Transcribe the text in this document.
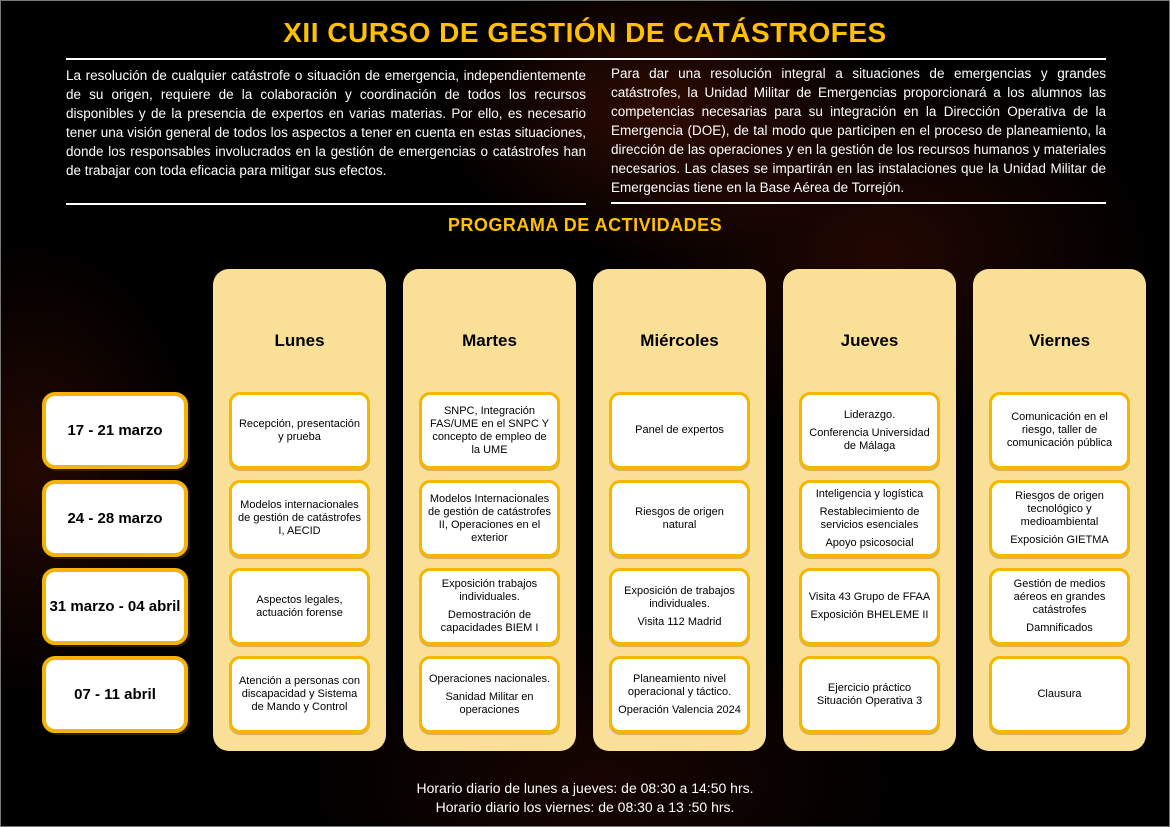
XII CURSO DE GESTIÓN DE CATÁSTROFES

La resolución de cualquier catástrofe o situación de emergencia, independientemente de su origen, requiere de la colaboración y coordinación de todos los recursos disponibles y de la presencia de expertos en varias materias. Por ello, es necesario tener una visión general de todos los aspectos a tener en cuenta en estas situaciones, donde los responsables involucrados en la gestión de emergencias o catástrofes han de trabajar con toda eficacia para mitigar sus efectos.

Para dar una resolución integral a situaciones de emergencias y grandes catástrofes, la Unidad Militar de Emergencias proporcionará a los alumnos las competencias necesarias para su integración en la Dirección Operativa de la Emergencia (DOE), de tal modo que participen en el proceso de planeamiento, la dirección de las operaciones y en la gestión de los recursos humanos y materiales necesarios. Las clases se impartirán en las instalaciones que la Unidad Militar de Emergencias tiene en la Base Aérea de Torrejón.

PROGRAMA DE ACTIVIDADES
17 - 21 marzo
24 - 28 marzo
31 marzo - 04 abril
07 - 11 abril
Lunes

Recepción, presentación y prueba

Modelos internacionales de gestión de catástrofes I, AECID

Aspectos legales, actuación forense

Atención a personas con discapacidad y Sistema de Mando y Control

Martes

SNPC, Integración FAS/UME en el SNPC Y concepto de empleo de la UME

Modelos Internacionales de gestión de catástrofes II, Operaciones en el exterior

Exposición trabajos individuales.

Demostración de capacidades BIEM I

Operaciones nacionales.

Sanidad Militar en operaciones

Miércoles

Panel de expertos

Riesgos de origen natural

Exposición de trabajos individuales.

Visita 112 Madrid

Planeamiento nivel operacional y táctico.

Operación Valencia 2024

Jueves

Liderazgo.

Conferencia Universidad de Málaga

Inteligencia y logística

Restablecimiento de servicios esenciales

Apoyo psicosocial

Visita 43 Grupo de FFAA

Exposición BHELEME II

Ejercicio práctico Situación Operativa 3

Viernes

Comunicación en el riesgo, taller de comunicación pública

Riesgos de origen tecnológico y medioambiental

Exposición GIETMA

Gestión de medios aéreos en grandes catástrofes

Damnificados

Clausura

Horario diario de lunes a jueves: de 08:30 a 14:50 hrs.

Horario diario los viernes: de 08:30 a 13 :50 hrs.
